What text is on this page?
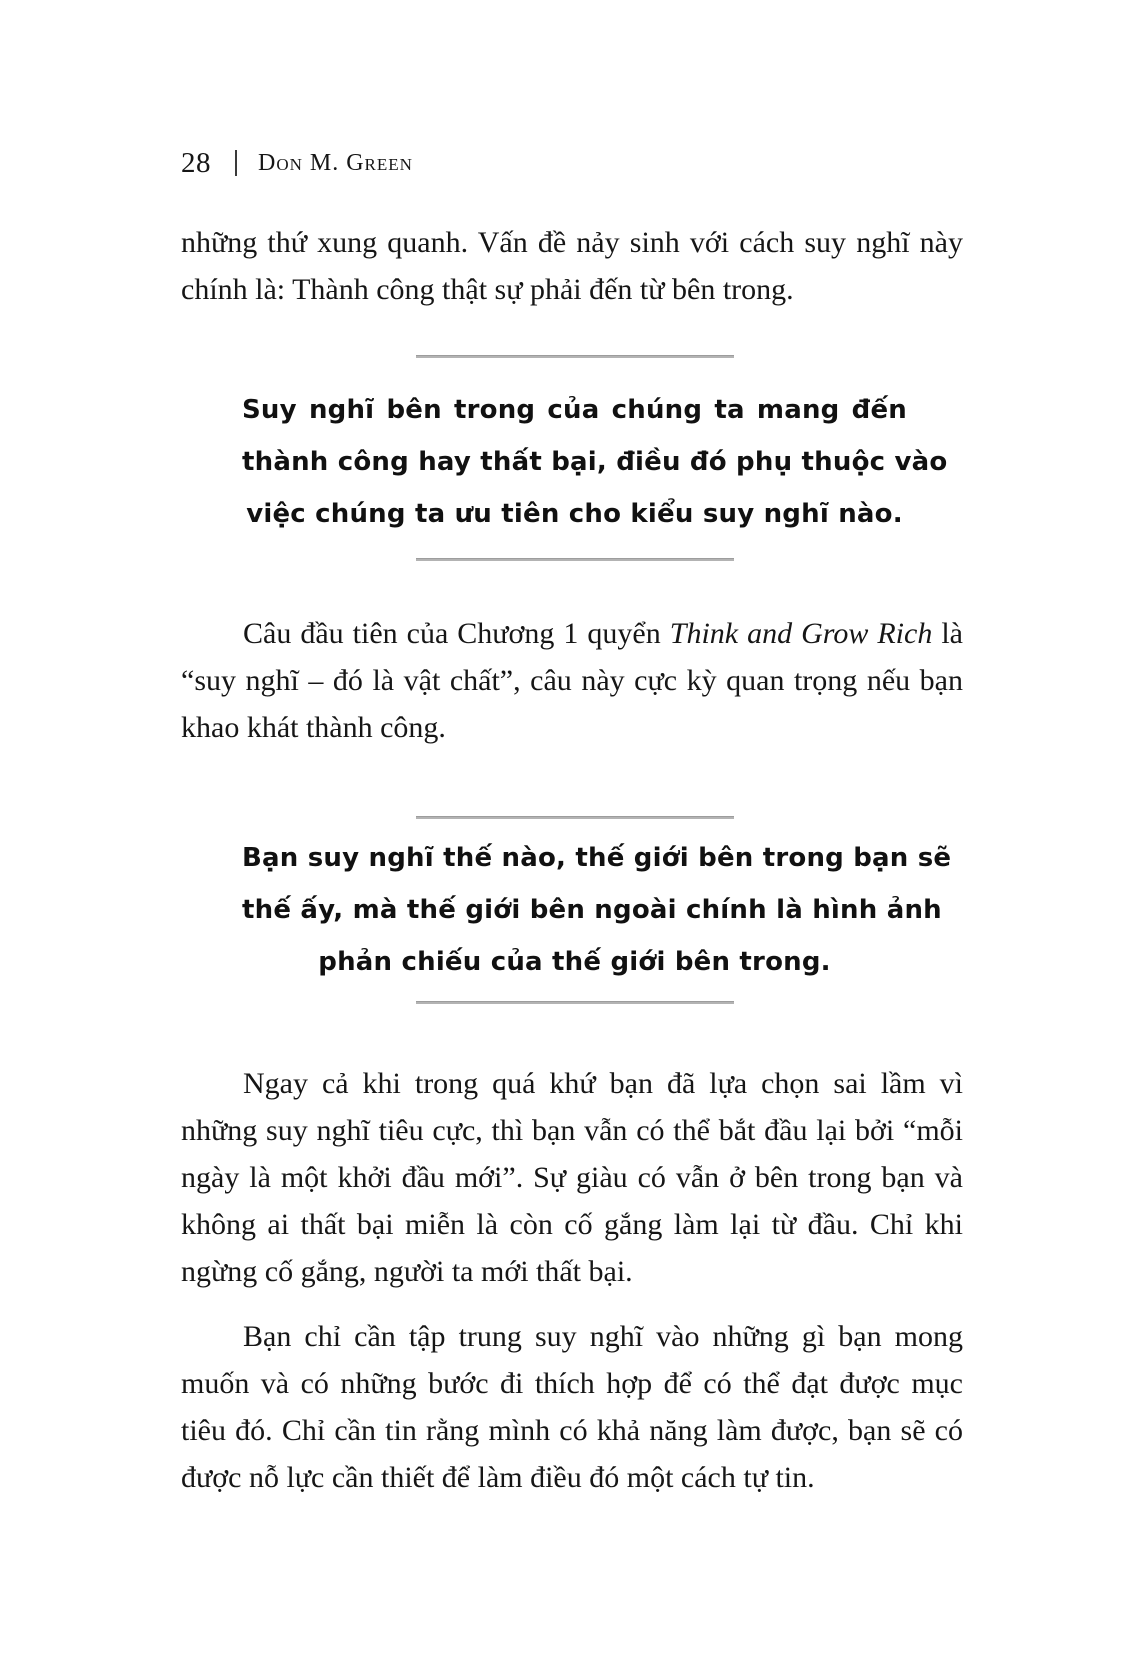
28 Don M. Green

những thứ xung quanh. Vấn đề nảy sinh với cách suy nghĩ này chính là: Thành công thật sự phải đến từ bên trong.

Suy nghĩ bên trong của chúng ta mang đến
thành công hay thất bại, điều đó phụ thuộc vào
việc chúng ta ưu tiên cho kiểu suy nghĩ nào.

Câu đầu tiên của Chương 1 quyển Think and Grow Rich là “suy nghĩ – đó là vật chất”, câu này cực kỳ quan trọng nếu bạn khao khát thành công.

Bạn suy nghĩ thế nào, thế giới bên trong bạn sẽ
thế ấy, mà thế giới bên ngoài chính là hình ảnh
phản chiếu của thế giới bên trong.

Ngay cả khi trong quá khứ bạn đã lựa chọn sai lầm vì những suy nghĩ tiêu cực, thì bạn vẫn có thể bắt đầu lại bởi “mỗi ngày là một khởi đầu mới”. Sự giàu có vẫn ở bên trong bạn và không ai thất bại miễn là còn cố gắng làm lại từ đầu. Chỉ khi ngừng cố gắng, người ta mới thất bại.

Bạn chỉ cần tập trung suy nghĩ vào những gì bạn mong muốn và có những bước đi thích hợp để có thể đạt được mục tiêu đó. Chỉ cần tin rằng mình có khả năng làm được, bạn sẽ có được nỗ lực cần thiết để làm điều đó một cách tự tin.
